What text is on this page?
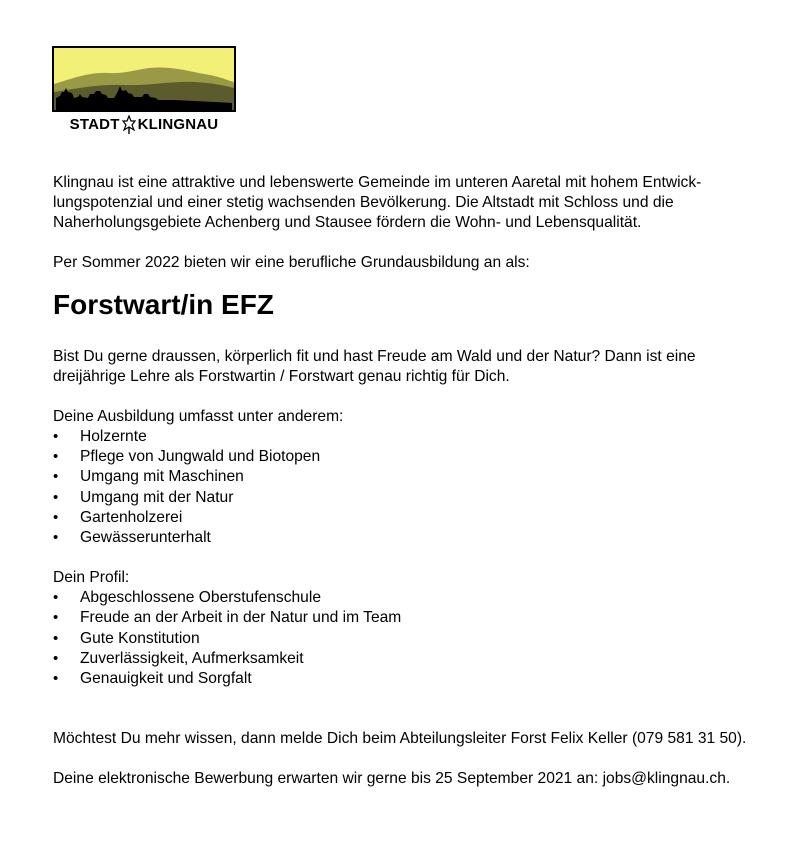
STADT KLINGNAU

Klingnau ist eine attraktive und lebenswerte Gemeinde im unteren Aaretal mit hohem Entwicklungspotenzial und einer stetig wachsenden Bevölkerung. Die Altstadt mit Schloss und die Naherholungsgebiete Achenberg und Stausee fördern die Wohn- und Lebensqualität.

Per Sommer 2022 bieten wir eine berufliche Grundausbildung an als:

Forstwart/in EFZ

Bist Du gerne draussen, körperlich fit und hast Freude am Wald und der Natur? Dann ist eine dreijährige Lehre als Forstwartin / Forstwart genau richtig für Dich.

Deine Ausbildung umfasst unter anderem:

• Holzernte
• Pflege von Jungwald und Biotopen
• Umgang mit Maschinen
• Umgang mit der Natur
• Gartenholzerei
• Gewässerunterhalt

Dein Profil:

• Abgeschlossene Oberstufenschule
• Freude an der Arbeit in der Natur und im Team
• Gute Konstitution
• Zuverlässigkeit, Aufmerksamkeit
• Genauigkeit und Sorgfalt

Möchtest Du mehr wissen, dann melde Dich beim Abteilungsleiter Forst Felix Keller (079 581 31 50).

Deine elektronische Bewerbung erwarten wir gerne bis 25 September 2021 an: jobs@klingnau.ch.
